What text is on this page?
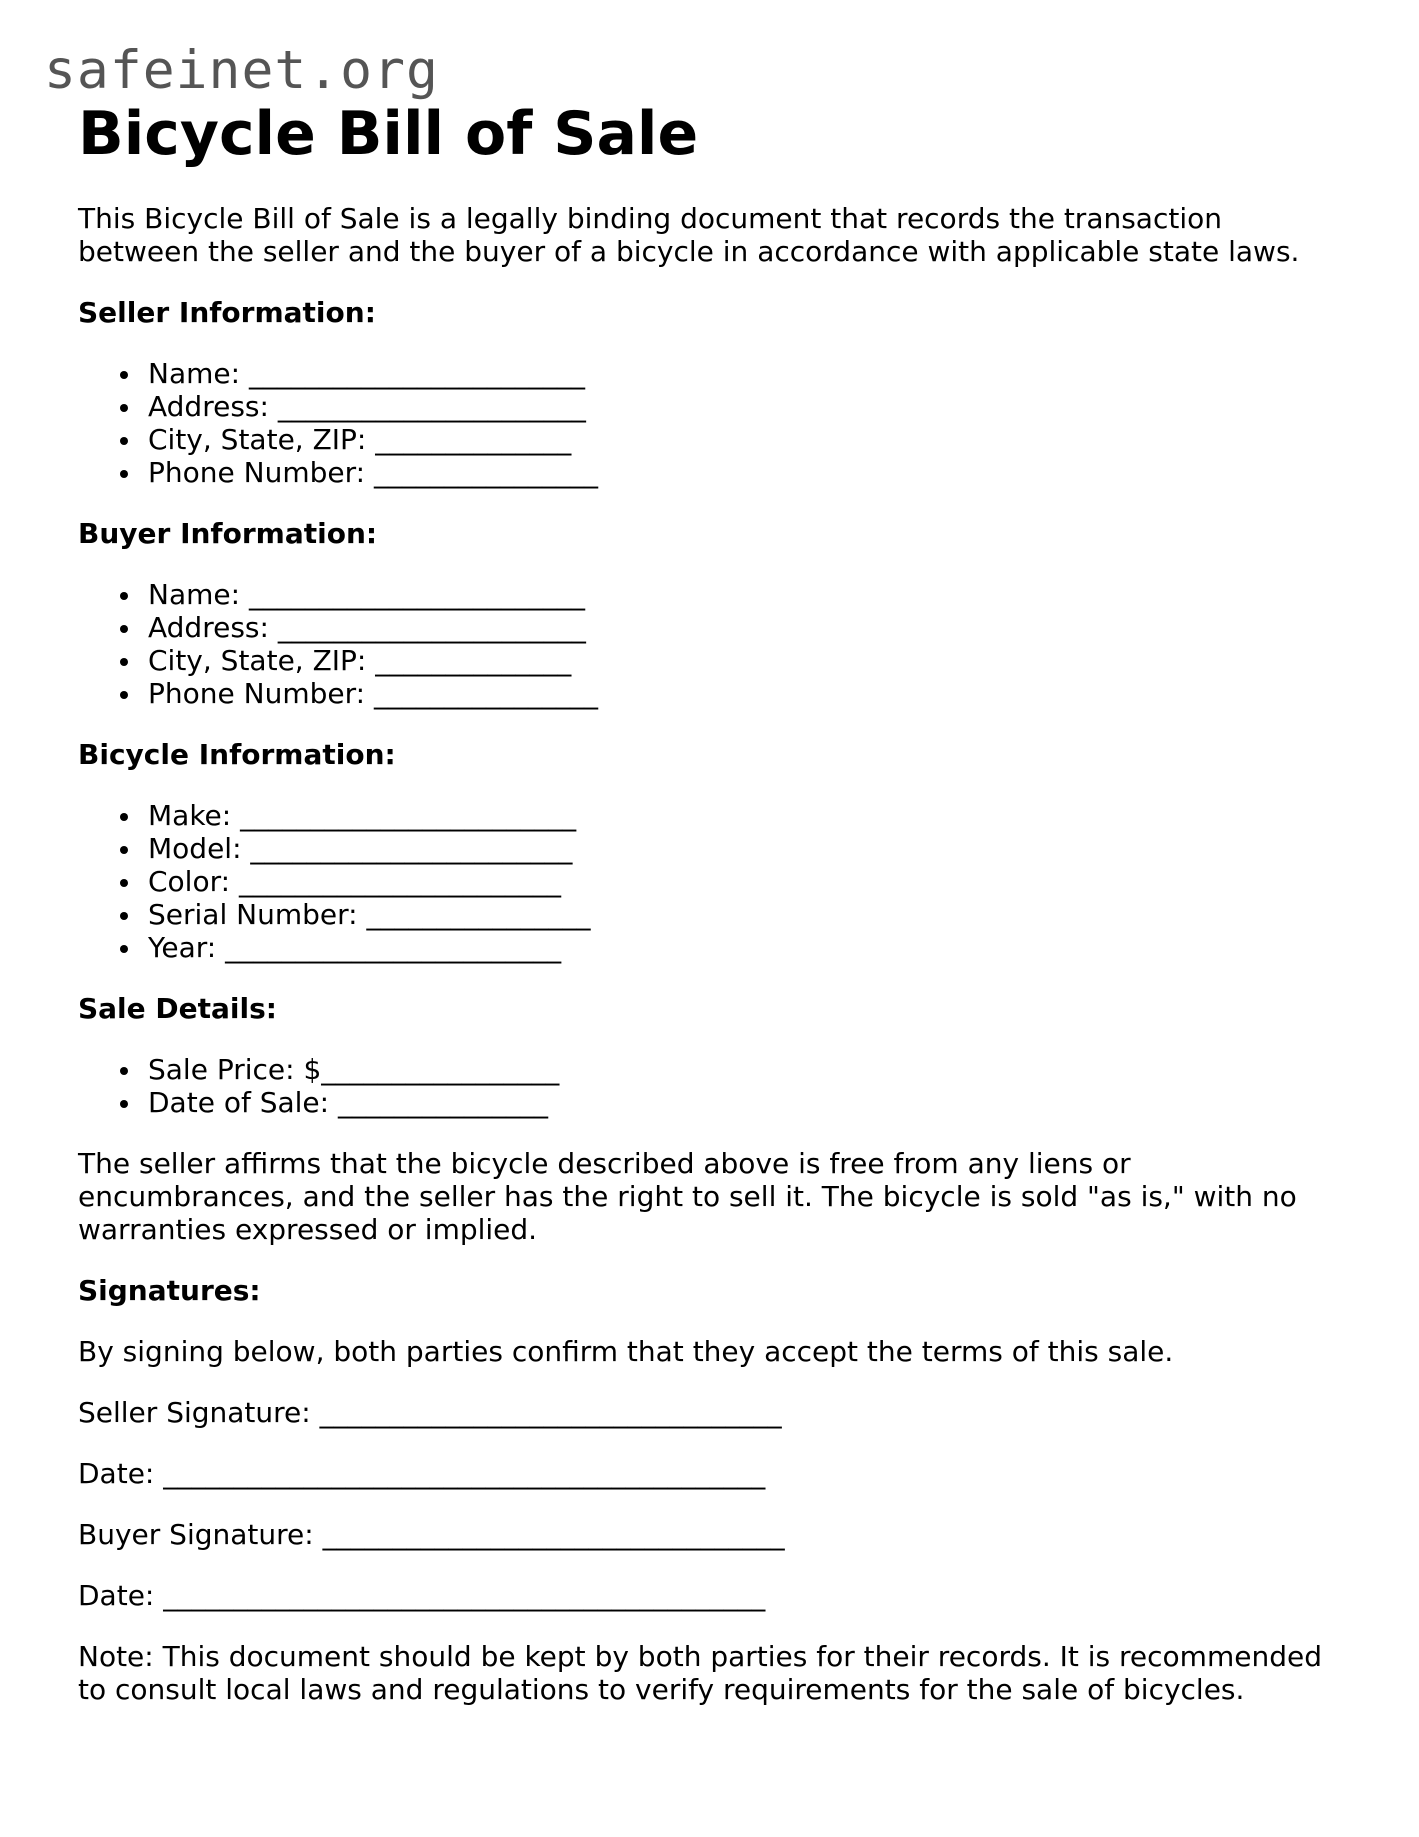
safeinet.org
Bicycle Bill of Sale

This Bicycle Bill of Sale is a legally binding document that records the transaction between the seller and the buyer of a bicycle in accordance with applicable state laws.

Seller Information:
Name: ________________________
Address: ______________________
City, State, ZIP: ______________
Phone Number: ________________
Buyer Information:
Name: ________________________
Address: ______________________
City, State, ZIP: ______________
Phone Number: ________________
Bicycle Information:
Make: ________________________
Model: _______________________
Color: _______________________
Serial Number: ________________
Year: ________________________
Sale Details:
Sale Price: $_________________
Date of Sale: _______________

The seller affirms that the bicycle described above is free from any liens or encumbrances, and the seller has the right to sell it. The bicycle is sold "as is," with no warranties expressed or implied.

Signatures:

By signing below, both parties confirm that they accept the terms of this sale.

Seller Signature: _________________________________

Date: ___________________________________________

Buyer Signature: _________________________________

Date: ___________________________________________

Note: This document should be kept by both parties for their records. It is recommended to consult local laws and regulations to verify requirements for the sale of bicycles.
